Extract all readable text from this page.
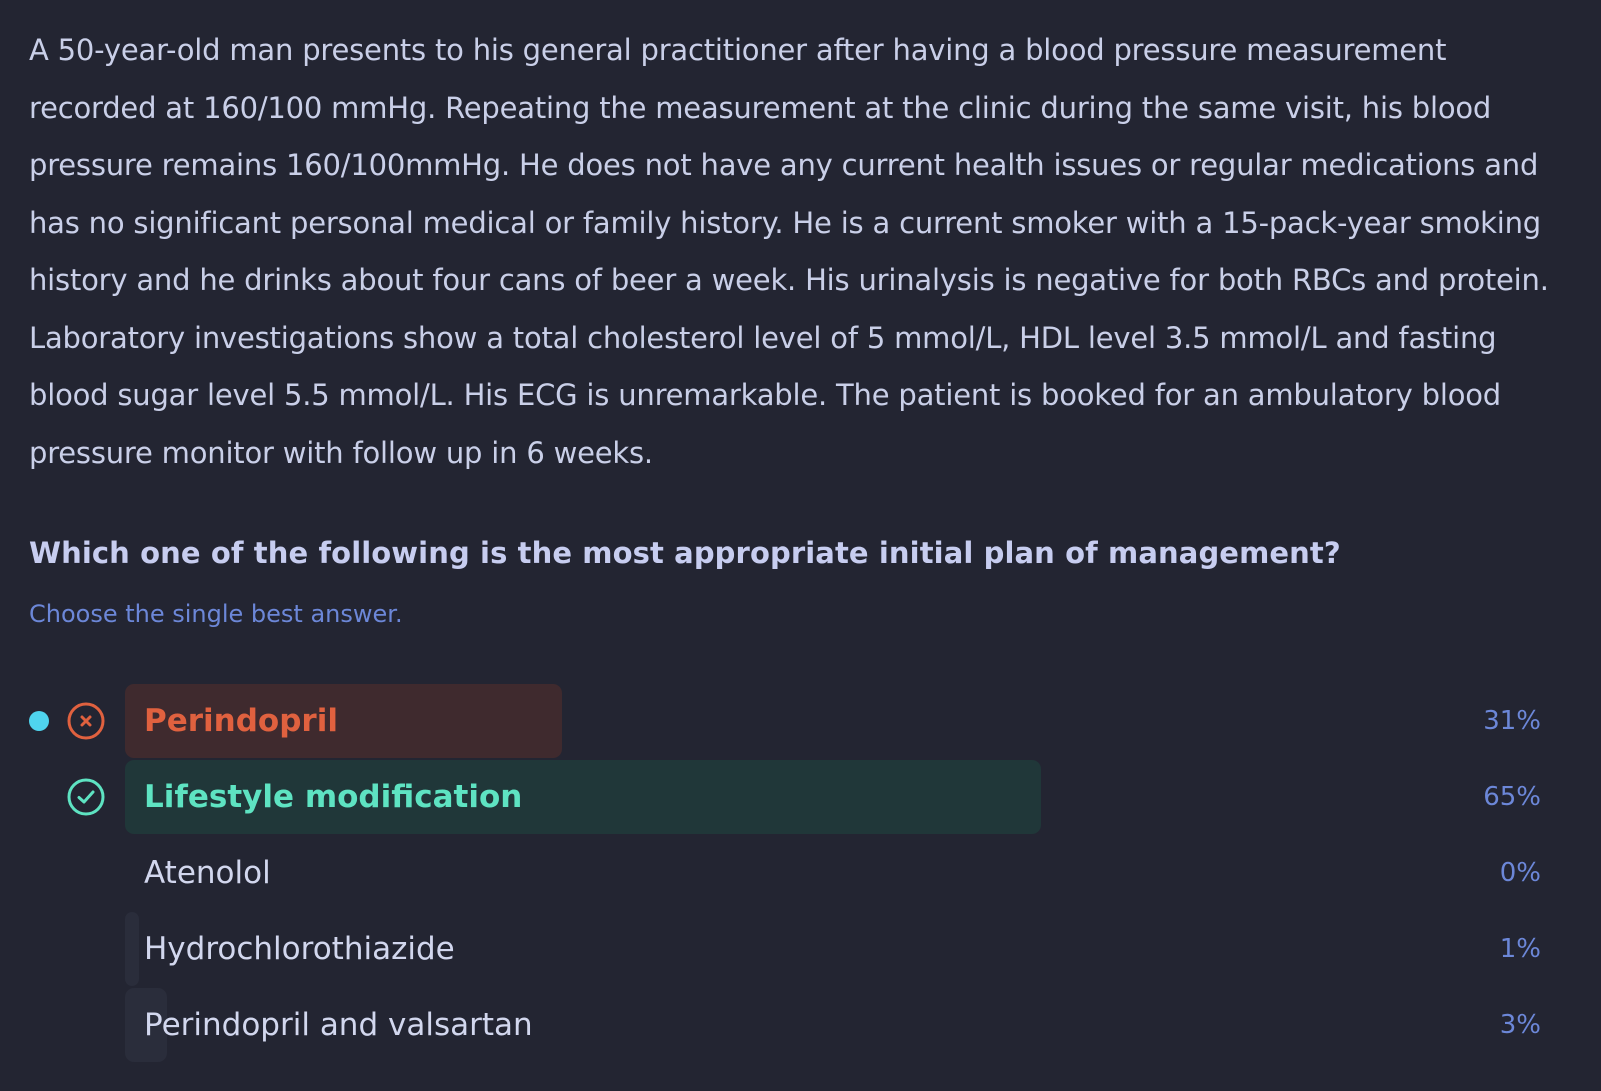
A 50-year-old man presents to his general practitioner after having a blood pressure measurement
recorded at 160/100 mmHg. Repeating the measurement at the clinic during the same visit, his blood
pressure remains 160/100mmHg. He does not have any current health issues or regular medications and
has no significant personal medical or family history. He is a current smoker with a 15-pack-year smoking
history and he drinks about four cans of beer a week. His urinalysis is negative for both RBCs and protein.
Laboratory investigations show a total cholesterol level of 5 mmol/L, HDL level 3.5 mmol/L and fasting
blood sugar level 5.5 mmol/L. His ECG is unremarkable. The patient is booked for an ambulatory blood
pressure monitor with follow up in 6 weeks.
Which one of the following is the most appropriate initial plan of management?
Choose the single best answer.
Perindopril	31%
Lifestyle modification	65%
Atenolol	0%
Hydrochlorothiazide	1%
Perindopril and valsartan	3%
